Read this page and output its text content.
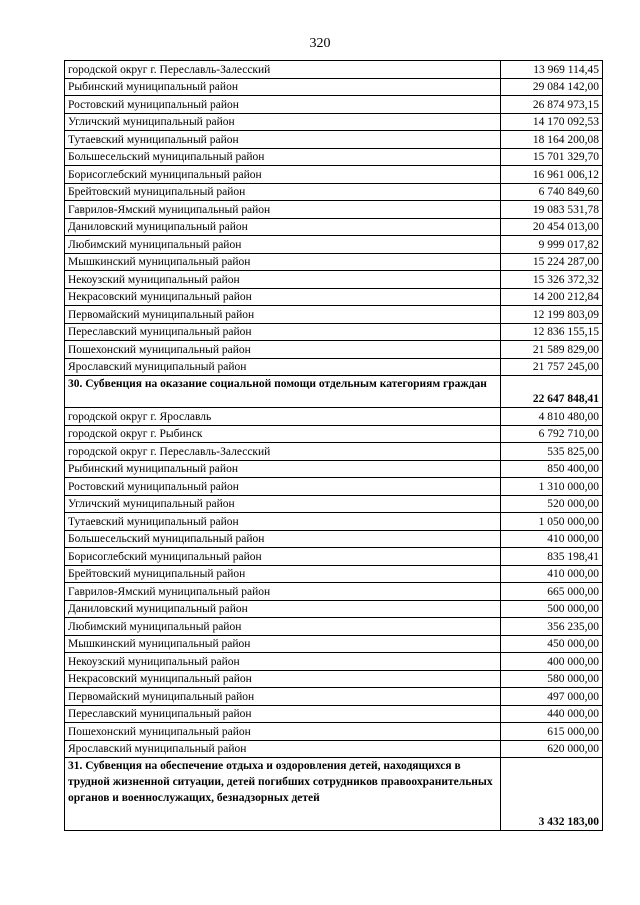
320
городской округ г. Переславль-Залесский	13 969 114,45
Рыбинский муниципальный район	29 084 142,00
Ростовский муниципальный район	26 874 973,15
Угличский муниципальный район	14 170 092,53
Тутаевский муниципальный район	18 164 200,08
Большесельский муниципальный район	15 701 329,70
Борисоглебский муниципальный район	16 961 006,12
Брейтовский муниципальный район	6 740 849,60
Гаврилов-Ямский муниципальный район	19 083 531,78
Даниловский муниципальный район	20 454 013,00
Любимский муниципальный район	9 999 017,82
Мышкинский муниципальный район	15 224 287,00
Некоузский муниципальный район	15 326 372,32
Некрасовский муниципальный район	14 200 212,84
Первомайский муниципальный район	12 199 803,09
Переславский муниципальный район	12 836 155,15
Пошехонский муниципальный район	21 589 829,00
Ярославский муниципальный район	21 757 245,00
30. Субвенция на оказание социальной помощи отдельным категориям граждан	22 647 848,41
городской округ г. Ярославль	4 810 480,00
городской округ г. Рыбинск	6 792 710,00
городской округ г. Переславль-Залесский	535 825,00
Рыбинский муниципальный район	850 400,00
Ростовский муниципальный район	1 310 000,00
Угличский муниципальный район	520 000,00
Тутаевский муниципальный район	1 050 000,00
Большесельский муниципальный район	410 000,00
Борисоглебский муниципальный район	835 198,41
Брейтовский муниципальный район	410 000,00
Гаврилов-Ямский муниципальный район	665 000,00
Даниловский муниципальный район	500 000,00
Любимский муниципальный район	356 235,00
Мышкинский муниципальный район	450 000,00
Некоузский муниципальный район	400 000,00
Некрасовский муниципальный район	580 000,00
Первомайский муниципальный район	497 000,00
Переславский муниципальный район	440 000,00
Пошехонский муниципальный район	615 000,00
Ярославский муниципальный район	620 000,00
31. Субвенция на обеспечение отдыха и оздоровления детей, находящихся в трудной жизненной ситуации, детей погибших сотрудников правоохранительных органов и военнослужащих, безнадзорных детей	3 432 183,00
